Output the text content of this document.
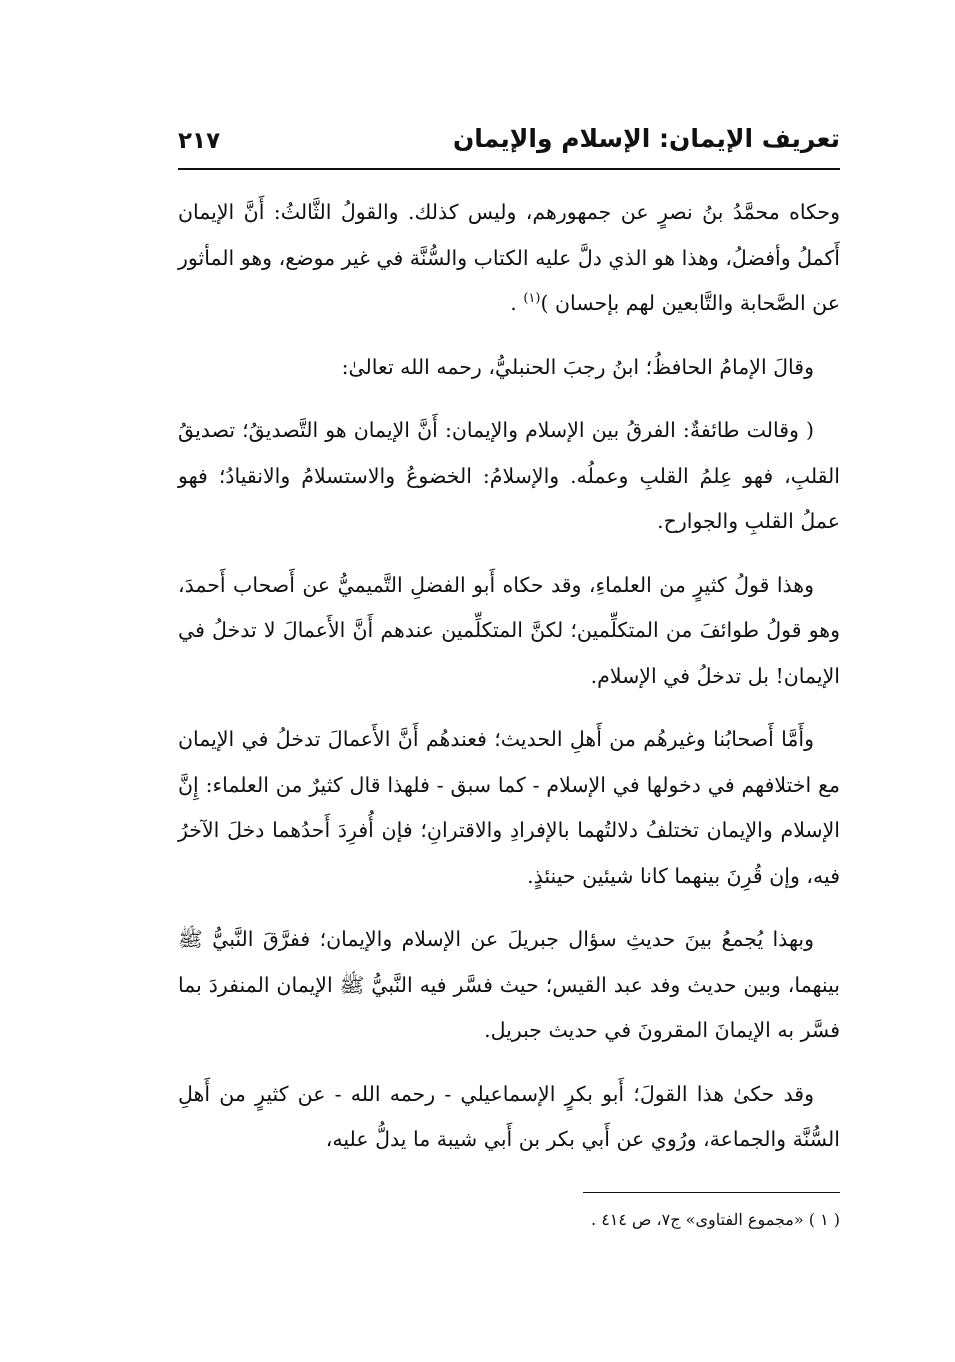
تعريف الإيمان: الإسلام والإيمان
٢١٧

وحكاه محمَّدُ بنُ نصرٍ عن جمهورهم، وليس كذلك. والقولُ الثَّالثُ: أَنَّ الإيمان أَكملُ وأفضلُ، وهذا هو الذي دلَّ عليه الكتاب والسُّنَّة في غير موضع، وهو المأثور عن الصَّحابة والتَّابعين لهم بإحسان )$^{(١)}$ .

وقالَ الإمامُ الحافظُ؛ ابنُ رجبَ الحنبليُّ، رحمه الله تعالىٰ:

( وقالت طائفةٌ: الفرقُ بين الإسلام والإيمان: أَنَّ الإيمان هو التَّصديقُ؛ تصديقُ القلبِ، فهو عِلمُ القلبِ وعملُه. والإسلامُ: الخضوعُ والاستسلامُ والانقيادُ؛ فهو عملُ القلبِ والجوارح.

وهذا قولُ كثيرٍ من العلماءِ، وقد حكاه أَبو الفضلِ التَّميميُّ عن أَصحاب أَحمدَ، وهو قولُ طوائفَ من المتكلِّمين؛ لكنَّ المتكلِّمين عندهم أَنَّ الأَعمالَ لا تدخلُ في الإيمان! بل تدخلُ في الإسلام.

وأَمَّا أَصحابُنا وغيرهُم من أَهلِ الحديث؛ فعندهُم أَنَّ الأَعمالَ تدخلُ في الإيمان مع اختلافهم في دخولها في الإسلام - كما سبق - فلهذا قال كثيرٌ من العلماء: إِنَّ الإسلام والإيمان تختلفُ دلالتُهما بالإفرادِ والاقترانِ؛ فإن أُفرِدَ أَحدُهما دخلَ الآخرُ فيه، وإن قُرِنَ بينهما كانا شيئين حينئذٍ.

وبهذا يُجمعُ بينَ حديثِ سؤال جبريلَ عن الإسلام والإيمان؛ ففرَّقَ النَّبيُّ ﷺ بينهما، وبين حديث وفد عبد القيس؛ حيث فسَّر فيه النَّبيُّ ﷺ الإيمان المنفردَ بما فسَّر به الإيمانَ المقرونَ في حديث جبريل.

وقد حكىٰ هذا القولَ؛ أَبو بكرٍ الإسماعيلي - رحمه الله - عن كثيرٍ من أَهلِ السُّنَّة والجماعة، ورُوي عن أَبي بكر بن أَبي شيبة ما يدلُّ عليه،

( ١ ) «مجموع الفتاوى» ج٧، ص ٤١٤ .
